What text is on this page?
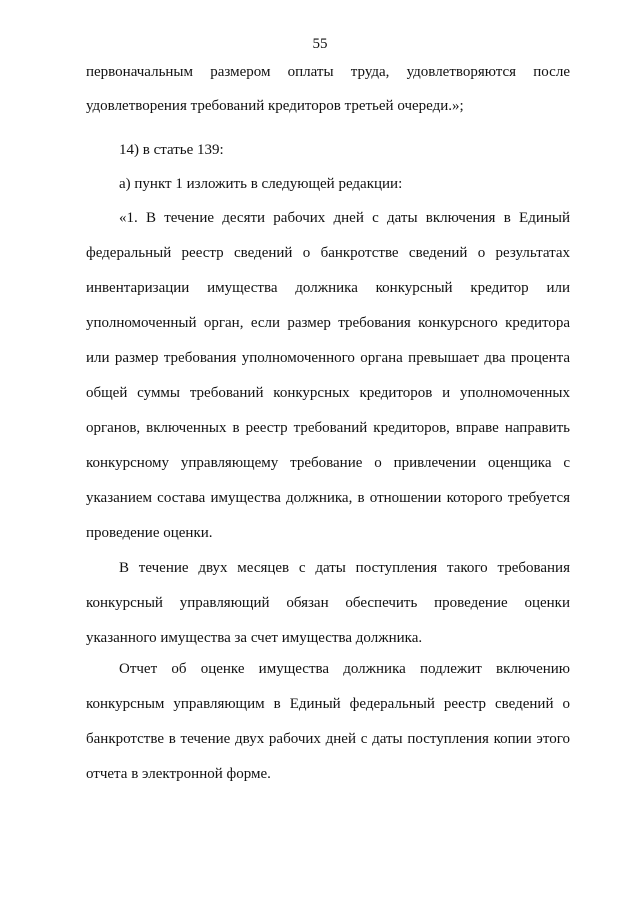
55
первоначальным размером оплаты труда, удовлетворяются после
удовлетворения требований кредиторов третьей очереди.»;
14) в статье 139:
а) пункт 1 изложить в следующей редакции:
«1. В течение десяти рабочих дней с даты включения в Единый
федеральный реестр сведений о банкротстве сведений о результатах
инвентаризации имущества должника конкурсный кредитор или
уполномоченный орган, если размер требования конкурсного кредитора
или размер требования уполномоченного органа превышает два процента
общей суммы требований конкурсных кредиторов и уполномоченных
органов, включенных в реестр требований кредиторов, вправе направить
конкурсному управляющему требование о привлечении оценщика с
указанием состава имущества должника, в отношении которого требуется
проведение оценки.
В течение двух месяцев с даты поступления такого требования
конкурсный управляющий обязан обеспечить проведение оценки
указанного имущества за счет имущества должника.
Отчет об оценке имущества должника подлежит включению
конкурсным управляющим в Единый федеральный реестр сведений о
банкротстве в течение двух рабочих дней с даты поступления копии этого
отчета в электронной форме.
